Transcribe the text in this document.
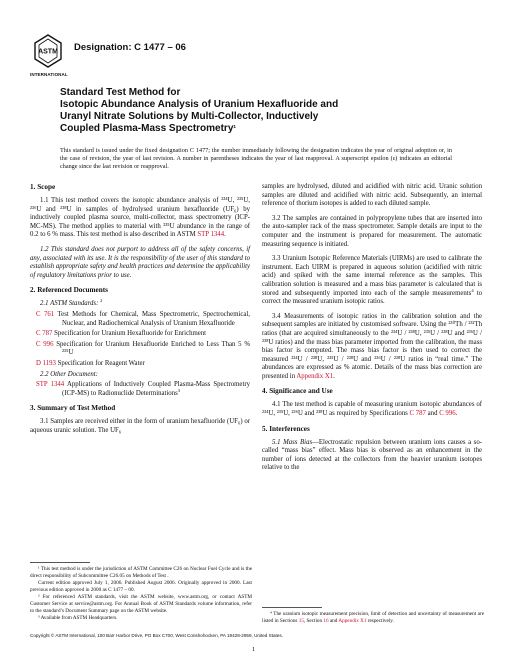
ASTM
INTERNATIONAL
Designation: C 1477 – 06
Standard Test Method for
Isotopic Abundance Analysis of Uranium Hexafluoride and
Uranyl Nitrate Solutions by Multi-Collector, Inductively
Coupled Plasma-Mass Spectrometry$^1$
This standard is issued under the fixed designation C 1477; the number immediately following the designation indicates the year of original adoption or, in the case of revision, the year of last revision. A number in parentheses indicates the year of last reapproval. A superscript epsilon (ε) indicates an editorial change since the last revision or reapproval.
1. Scope

1.1 This test method covers the isotopic abundance analysis of ²³⁴U, ²³⁵U, ²³⁶U and ²³⁸U in samples of hydrolysed uranium hexafluoride (UF₆) by inductively coupled plasma source, multi-collector, mass spectrometry (ICP-MC-MS). The method applies to material with ²³⁵U abundance in the range of 0.2 to 6 % mass. This test method is also described in ASTM STP 1344.

1.2 This standard does not purport to address all of the safety concerns, if any, associated with its use. It is the responsibility of the user of this standard to establish appropriate safety and health practices and determine the applicability of regulatory limitations prior to use.

2. Referenced Documents

2.1 ASTM Standards: $^2$

C 761 Test Methods for Chemical, Mass Spectrometric, Spectrochemical, Nuclear, and Radiochemical Analysis of Uranium Hexafluoride
C 787 Specification for Uranium Hexafluoride for Enrichment
C 996 Specification for Uranium Hexafluoride Enriched to Less Than 5 % ²³⁵U
D 1193 Specification for Reagent Water

2.2 Other Document:

STP 1344 Applications of Inductively Coupled Plasma-Mass Spectrometry (ICP-MS) to Radionuclide Determinations$^3$
3. Summary of Test Method

3.1 Samples are received either in the form of uranium hexafluoride (UF₆) or aqueous uranic solution. The UF₆

samples are hydrolysed, diluted and acidified with nitric acid. Uranic solution samples are diluted and acidified with nitric acid. Subsequently, an internal reference of thorium isotopes is added to each diluted sample.

3.2 The samples are contained in polypropylene tubes that are inserted into the auto-sampler rack of the mass spectrometer. Sample details are input to the computer and the instrument is prepared for measurement. The automatic measuring sequence is initiated.

3.3 Uranium Isotopic Reference Materials (UIRMs) are used to calibrate the instrument. Each UIRM is prepared in aqueous solution (acidified with nitric acid) and spiked with the same internal reference as the samples. This calibration solution is measured and a mass bias parameter is calculated that is stored and subsequently imported into each of the sample measurements$^4$ to correct the measured uranium isotopic ratios.

3.4 Measurements of isotopic ratios in the calibration solution and the subsequent samples are initiated by customised software. Using the ²³⁰Th / ²³²Th ratios (that are acquired simultaneously to the ²³⁴U / ²³⁸U, ²³⁵U / ²³⁸U and ²³⁶U / ²³⁸U ratios) and the mass bias parameter imported from the calibration, the mass bias factor is computed. The mass bias factor is then used to correct the measured ²³⁴U / ²³⁸U, ²³⁵U / ²³⁸U and ²³⁶U / ²³⁸U ratios in “real time.” The abundances are expressed as % atomic. Details of the mass bias correction are presented in Appendix X1.

4. Significance and Use

4.1 The test method is capable of measuring uranium isotopic abundances of ²³⁴U, ²³⁵U, ²³⁶U and ²³⁸U as required by Specifications C 787 and C 996.

5. Interferences

5.1 Mass Bias—Electrostatic repulsion between uranium ions causes a so-called “mass bias” effect. Mass bias is observed as an enhancement in the number of ions detected at the collectors from the heavier uranium isotopes relative to the

¹ This test method is under the jurisdiction of ASTM Committee C26 on Nuclear Fuel Cycle and is the direct responsibility of Subcommittee C26.05 on Methods of Test .
Current edition approved July 1, 2006. Published August 2006. Originally approved in 2000. Last previous edition approved in 2000 as C 1477 – 00.
² For referenced ASTM standards, visit the ASTM website, www.astm.org, or contact ASTM Customer Service at service@astm.org. For Annual Book of ASTM Standards volume information, refer to the standard’s Document Summary page on the ASTM website.
³ Available from ASTM Headquarters.
⁴ The uranium isotopic measurement precision, limit of detection and uncertainty of measurement are listed in Sections 15, Section 16 and Appendix X1 respectively.
Copyright © ASTM International, 100 Barr Harbor Drive, PO Box C700, West Conshohocken, PA 19428-2959, United States.
1
